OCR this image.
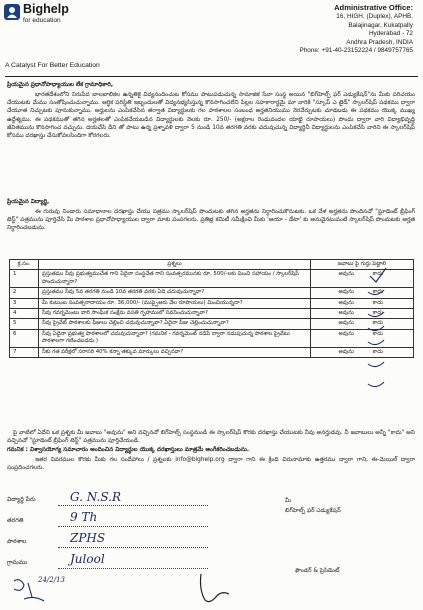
Bighelp
for education
A Catalyst For Better Education
Administrative Office:
16, HIGH. (Duplex), APHB.
Balajinagar, Kukatpally
Hyderabad - 72
Andhra Pradesh, INDIA
Phone: +91-40-23152224 / 9849757765
ప్రియమైన ప్రధానోపాధ్యాయుల లేక గ్రామాధికారి,
భారతదేశంలోని నిరుపేద బాలబాలికల ఉన్నతికై విద్యనందించుట కోసము పాటుపడుచున్న సామాజిక సేవా సంస్థ అయిన "బిగ్‌హెల్ప్ ఫర్ ఎడ్యుకేషన్"ను మీకు పరిచయం చేయుటకు మేము సంతోషించుచున్నాము. ఆర్థిక పరిస్థితి ఇబ్బందులతో విద్యనభ్యసిస్తున్న కొనసాగించలేని పిల్లల సహకారార్థమై మా వారికి "స్కూప్ ఎ టైడ్" స్కాలర్‌షిప్ పథకము ద్వారా చేయూత నిచ్చుటకు పూనుకున్నాము. అర్హులను ఎంపికచేసిన తర్వాత విద్యార్థులకు గల పాఠశాలల సంబంధ అర్హతనియుము నెరవేర్చుటకు చూడబడు ఈ పథకము యొక్క ముఖ్య ఉద్దేశ్యము. ఈ పథకముతో తగిన అర్హతలతో ఎంపికచేయబడిన విద్యార్థులకు నెలకు రూ. 250/- (అక్షరాల రెండువందల యాభై రూపాయలు) పొందు ద్వారా వారి విద్యాభివృద్ధి జీవితమును కొనసాగించ వచ్చును. దయచేసి దీని తో పాటు ఉన్న ప్రశ్నావళి ద్వారా 5 నుండి 10వ తరగతి వరకు చదువుచున్న విద్యార్థినీ విద్యార్థులను ఎంపికచేసి వారిని ఈ స్కాలర్‌షిప్ కోసము దరఖాస్తు చేసుకోవలసిందిగా కోరగలరు.
ప్రియమైన విద్యార్థి,
ఈ గురువు నిండారు సమాధానాల దరఖాస్తు చేయు పత్రము స్కాలర్‌షిప్ పొందుటకు తగిన అర్హతను నిర్ధారించుకొనుటకు. ఒక వేళ అర్హతను పొందినచో "స్టూడెంట్ బ్రీఫింగ్ టెస్ట్" పత్రమును పూర్తిచేసి మీ పాఠశాల ప్రధానోపాధ్యాయుల ద్వారా మాకు పంపగలరు. ప్రతిభ్ర కమిటీ సమీక్షించి మీకు 'ఆయా - డేటా' కు అనువైనటువంటి స్కాలర్‌షిప్ పొందుటకు అర్హత నిర్ధారించబడును.
క్ర.సం.	ప్రశ్నలు	జవాబు పై గుర్తు పెట్టాలి
1	ప్రస్తుతము నీవు ప్రభుత్వముచేత గాని ఏదైనా సంస్థచేత గాని సంవత్సరమునకు రూ. 500/-లకు మించి సహాయం / స్కాలర్‌షిప్ పొందుచున్నారా?	అవును కాదు
2	ప్రస్తుతము నీవు 5వ తరగతి నుండి 10వ తరగతి వరకు ఏది చదువుచున్నావా?	అవును కాదు
3	మీ కుటుంబ సంవత్సరాదాయం రూ. 36,000/- (ముప్పైఆరు వేల రూపాయలు) మించియున్నదా?	అవును కాదు
4	నీవు గవర్నమెంటు వారి సాంఘీక సంక్షేమ వసతి గృహములో నివసించుచున్నావా?	అవును కాదు
5	నీవు ప్రైవేట్ పాఠశాలకు ఫీజులు చెల్లించి చదువుచున్నావా? ఏదైనా పీజు చెల్లించుచున్నావా?	అవును కాదు
6	నీవు ఏదైనా ప్రభుత్వ పాఠశాలలో చదువుచున్నావా? (గమనిక - గవర్నమెంట్ నడిపే ద్వారా నడుపుచున్న పాఠశాల ప్రైవేటు పాఠశాలగా గణించబడదు.)	అవును కాదు
7	నీకు గత పరీక్షలో సరాసరి 40% కన్నా తక్కువ మార్కులు వచ్చినవా?	అవును కాదు
పై వాటిలో ఏదేని ఒక ప్రశ్నకు మీ జవాబు "అవును" అని వచ్చినచో బిగ్‌హెల్ప్ సంస్థనుండి ఈ స్కాలర్‌షిప్ కొరకు దరఖాస్తు చేయుటకు నీవు అనర్హుడవు. నీ జవాబులు అన్నీ "కాదు" అని వచ్చినచో "స్టూడెంట్ బ్రీఫింగ్ టెస్ట్" పత్రమును పూర్తిచేయండి.
గమనిక : విశ్వాసయోగ్య సమాచారం అందించిన విద్యార్థుల యొక్క దరఖాస్తులు మాత్రమే అంగీకరించబడును.
ఇతర వివరముల కొరకు మీకు గల సందేహాలు / ప్రశ్నలకు info@bighelp.org ద్వారా గాని ఈ క్రింది చిరునామాకు ఉత్తరము ద్వారా గాని, ఈ-మెయిల్ ద్వారా సంప్రదించగలరు.
విద్యార్థి పేరు	G. N.S.R
తరగతి	9 Th
పాఠశాల	ZPHS
గ్రామము	Julool
మీ
బిగ్‌హెల్ప్ ఫర్ ఎడ్యుకేషన్
ఫౌండర్ & ప్రెసిడెంట్
24/2/13
